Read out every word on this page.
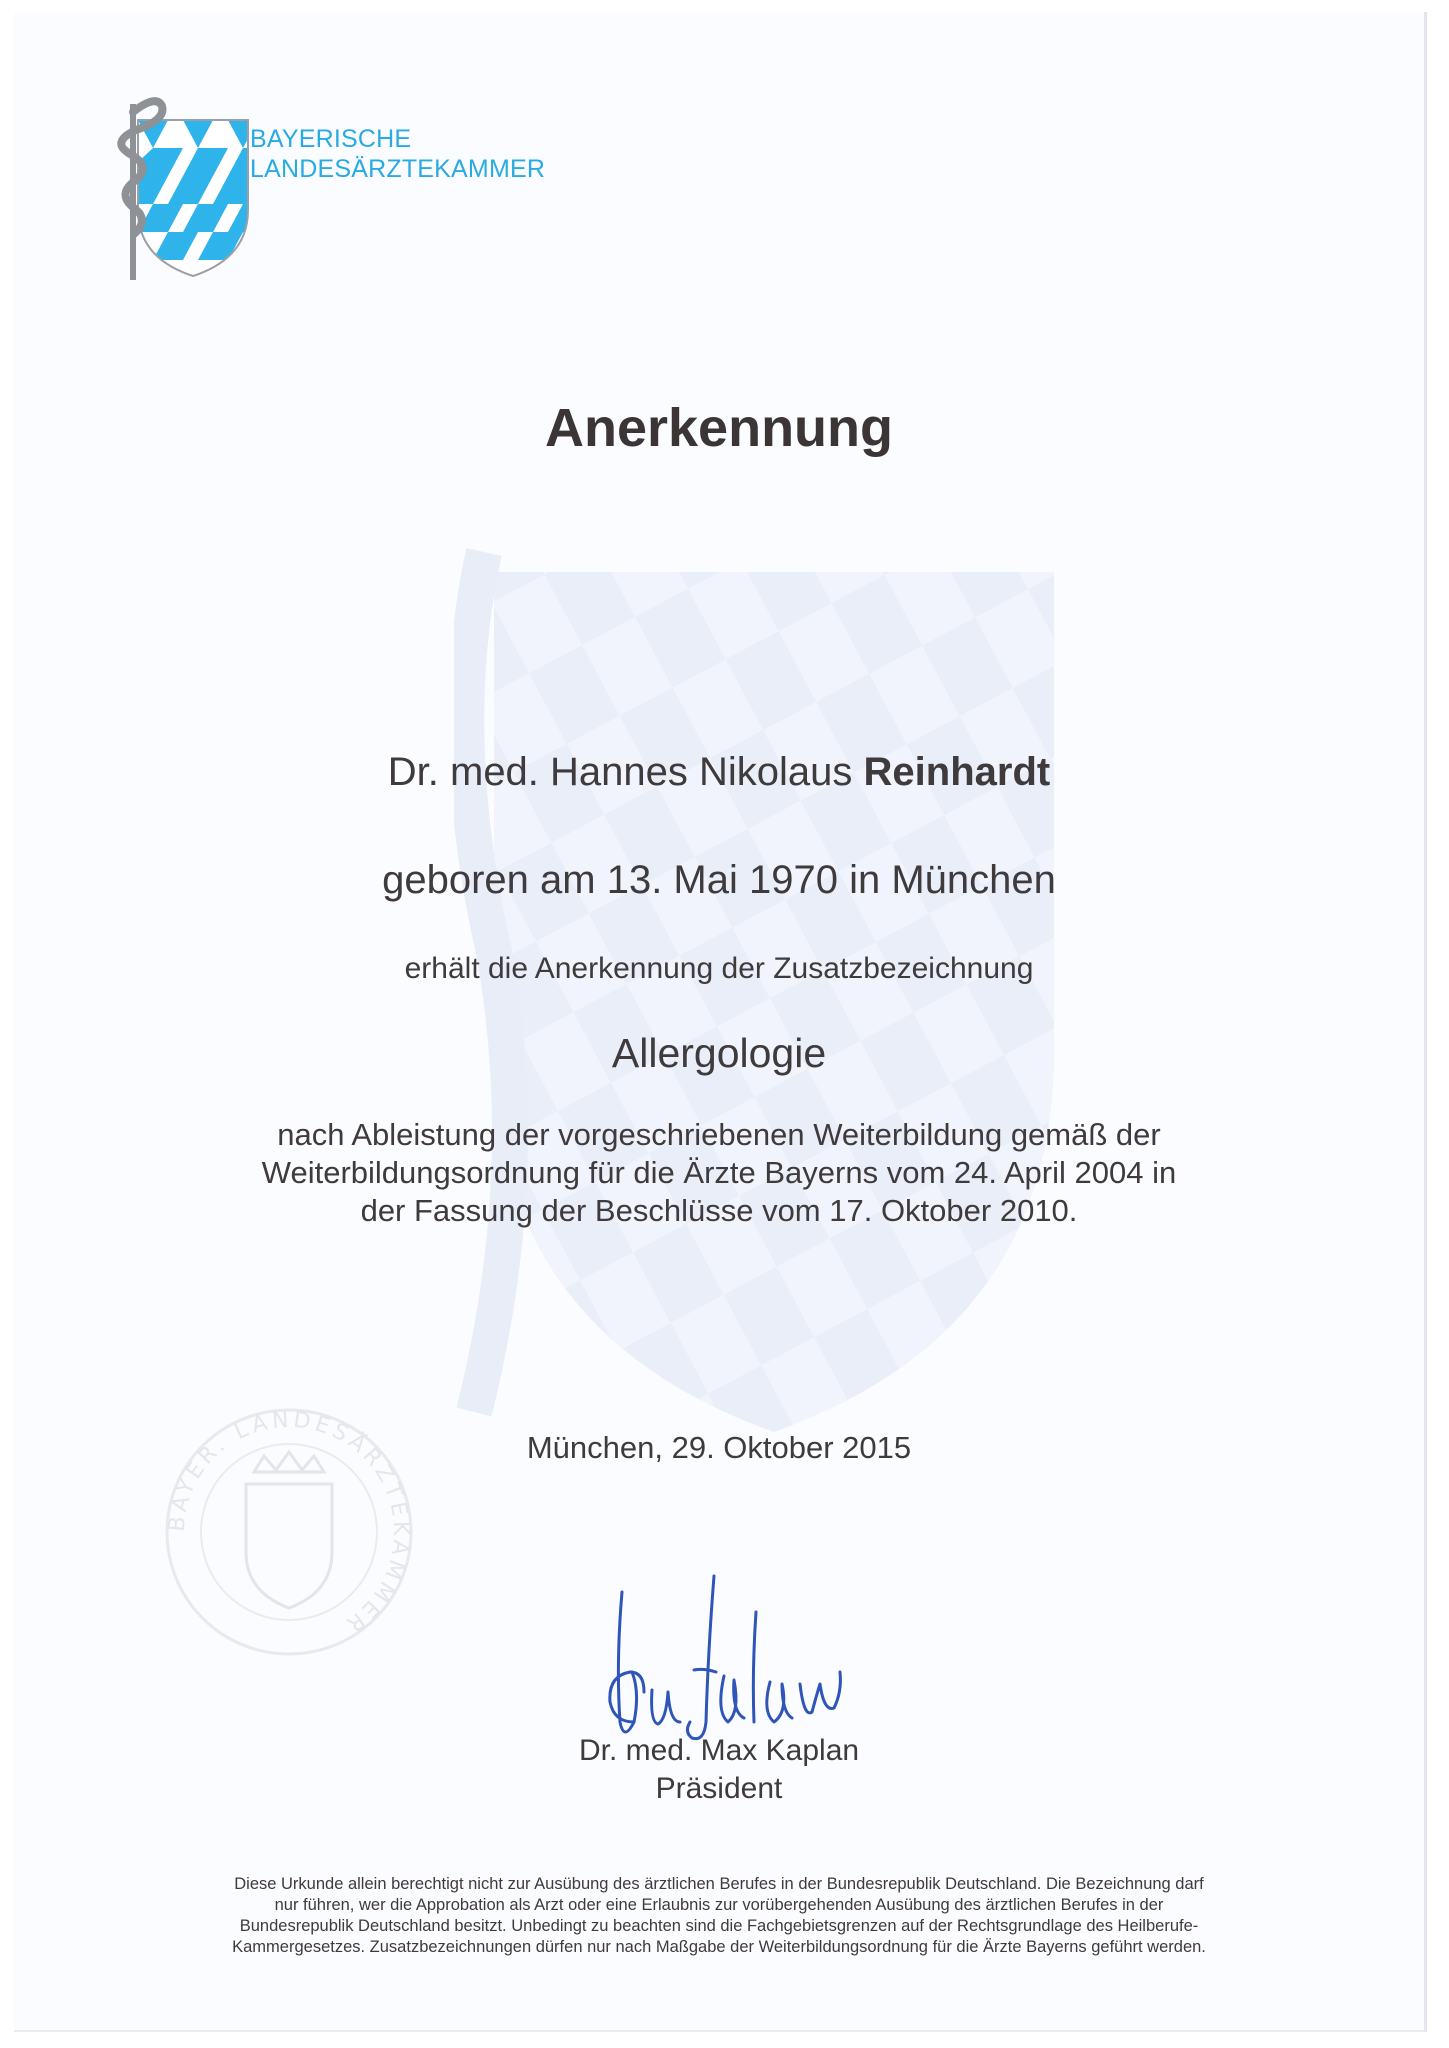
BAYERISCHE
LANDESÄRZTEKAMMER
Anerkennung
Dr. med. Hannes Nikolaus Reinhardt
geboren am 13. Mai 1970 in München
erhält die Anerkennung der Zusatzbezeichnung
Allergologie
nach Ableistung der vorgeschriebenen Weiterbildung gemäß der
Weiterbildungsordnung für die Ärzte Bayerns vom 24. April 2004 in
der Fassung der Beschlüsse vom 17. Oktober 2010.
München, 29. Oktober 2015
BAYER. LANDESÄRZTEKAMMER
Dr. med. Max Kaplan
Präsident
Diese Urkunde allein berechtigt nicht zur Ausübung des ärztlichen Berufes in der Bundesrepublik Deutschland. Die Bezeichnung darf
nur führen, wer die Approbation als Arzt oder eine Erlaubnis zur vorübergehenden Ausübung des ärztlichen Berufes in der
Bundesrepublik Deutschland besitzt. Unbedingt zu beachten sind die Fachgebietsgrenzen auf der Rechtsgrundlage des Heilberufe-
Kammergesetzes. Zusatzbezeichnungen dürfen nur nach Maßgabe der Weiterbildungsordnung für die Ärzte Bayerns geführt werden.
